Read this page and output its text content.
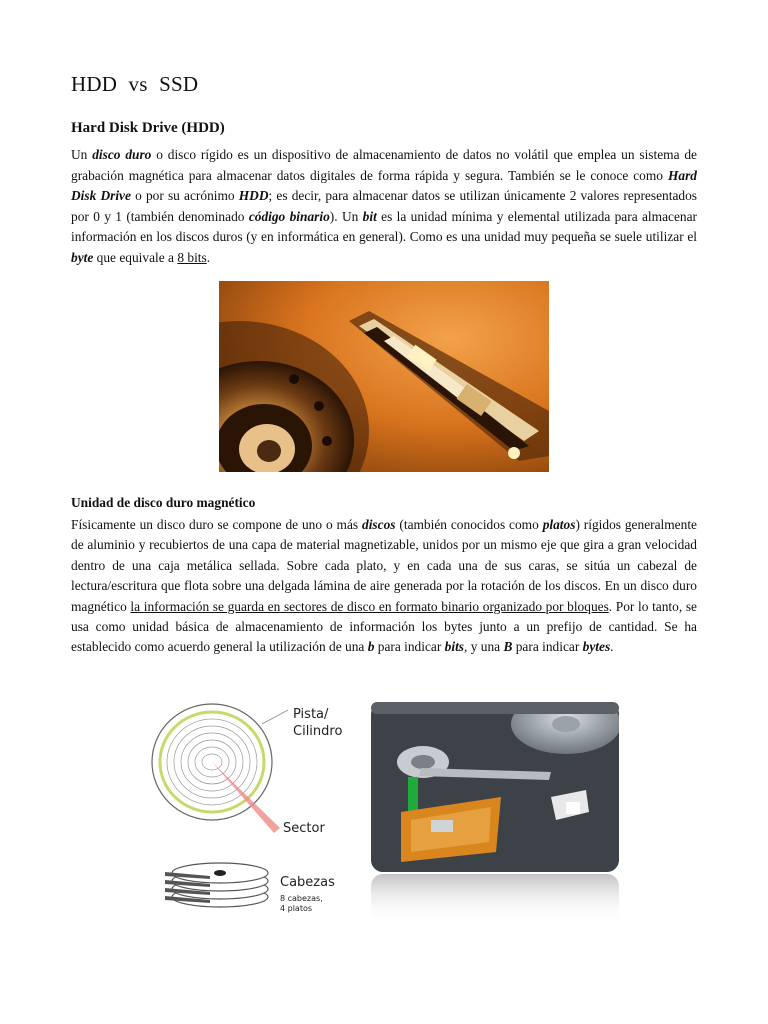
HDD vs SSD
Hard Disk Drive (HDD)

Un disco duro o disco rígido es un dispositivo de almacenamiento de datos no volátil que emplea un sistema de grabación magnética para almacenar datos digitales de forma rápida y segura. También se le conoce como Hard Disk Drive o por su acrónimo HDD; es decir, para almacenar datos se utilizan únicamente 2 valores representados por 0 y 1 (también denominado código binario). Un bit es la unidad mínima y elemental utilizada para almacenar información en los discos duros (y en informática en general). Como es una unidad muy pequeña se suele utilizar el byte que equivale a 8 bits.

Unidad de disco duro magnético

Físicamente un disco duro se compone de uno o más discos (también conocidos como platos) rígidos generalmente de aluminio y recubiertos de una capa de material magnetizable, unidos por un mismo eje que gira a gran velocidad dentro de una caja metálica sellada. Sobre cada plato, y en cada una de sus caras, se sitúa un cabezal de lectura/escritura que flota sobre una delgada lámina de aire generada por la rotación de los discos. En un disco duro magnético la información se guarda en sectores de disco en formato binario organizado por bloques. Por lo tanto, se usa como unidad básica de almacenamiento de información los bytes junto a un prefijo de cantidad. Se ha establecido como acuerdo general la utilización de una b para indicar bits, y una B para indicar bytes.

Pista/
Cilindro
Sector
Cabezas
8 cabezas,
4 platos
